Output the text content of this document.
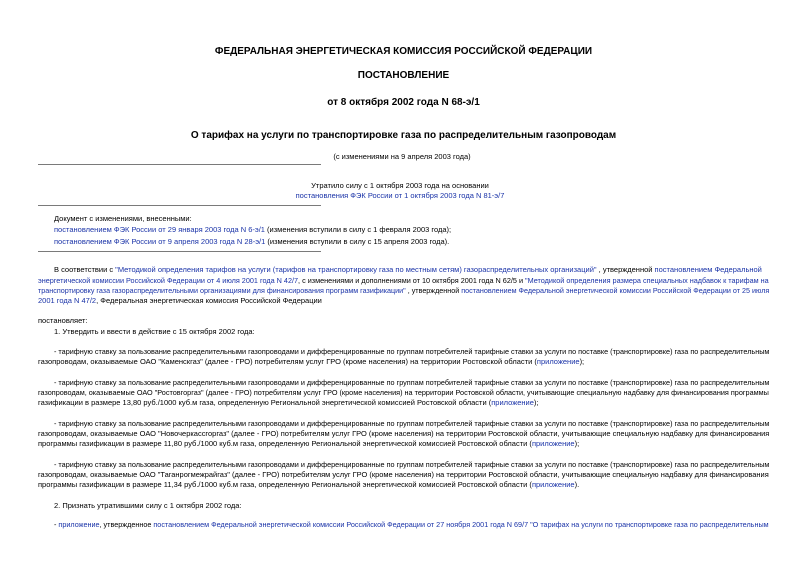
ФЕДЕРАЛЬНАЯ ЭНЕРГЕТИЧЕСКАЯ КОМИССИЯ РОССИЙСКОЙ ФЕДЕРАЦИИ
ПОСТАНОВЛЕНИЕ
от 8 октября 2002 года N 68-э/1
О тарифах на услуги по транспортировке газа по распределительным газопроводам
(с изменениями на 9 апреля 2003 года)
Утратило силу с 1 октября 2003 года на основании
постановления ФЭК России от 1 октября 2003 года N 81-э/7
Документ с изменениями, внесенными:
постановлением ФЭК России от 29 января 2003 года N 6-э/1 (изменения вступили в силу с 1 февраля 2003 года);
постановлением ФЭК России от 9 апреля 2003 года N 28-э/1 (изменения вступили в силу с 15 апреля 2003 года).
В соответствии с "Методикой определения тарифов на услуги (тарифов на транспортировку газа по местным сетям) газораспределительных организаций" , утвержденной постановлением Федеральной
энергетической комиссии Российской Федерации от 4 июля 2001 года N 42/7, с изменениями и дополнениями от 10 октября 2001 года N 62/5 и "Методикой определения размера специальных надбавок к тарифам на
транспортировку газа газораспределительными организациями для финансирования программ газификации" , утвержденной постановлением Федеральной энергетической комиссии Российской Федерации от 25 июля
2001 года N 47/2, Федеральная энергетическая комиссия Российской Федерации
постановляет:
1. Утвердить и ввести в действие с 15 октября 2002 года:
- тарифную ставку за пользование распределительными газопроводами и дифференцированные по группам потребителей тарифные ставки за услуги по поставке (транспортировке) газа по распределительным
газопроводам, оказываемые ОАО "Каменскгаз" (далее - ГРО) потребителям услуг ГРО (кроме населения) на территории Ростовской области (приложение);
- тарифную ставку за пользование распределительными газопроводами и дифференцированные по группам потребителей тарифные ставки за услуги по поставке (транспортировке) газа по распределительным
газопроводам, оказываемые ОАО "Ростовгоргаз" (далее - ГРО) потребителям услуг ГРО (кроме населения) на территории Ростовской области, учитывающие специальную надбавку для финансирования программы
газификации в размере 13,80 руб./1000 куб.м газа, определенную Региональной энергетической комиссией Ростовской области (приложение);
- тарифную ставку за пользование распределительными газопроводами и дифференцированные по группам потребителей тарифные ставки за услуги по поставке (транспортировке) газа по распределительным
газопроводам, оказываемые ОАО "Новочеркассгоргаз" (далее - ГРО) потребителям услуг ГРО (кроме населения) на территории Ростовской области, учитывающие специальную надбавку для финансирования
программы газификации в размере 11,80 руб./1000 куб.м газа, определенную Региональной энергетической комиссией Ростовской области (приложение);
- тарифную ставку за пользование распределительными газопроводами и дифференцированные по группам потребителей тарифные ставки за услуги по поставке (транспортировке) газа по распределительным
газопроводам, оказываемые ОАО "Таганрогмежрайгаз" (далее - ГРО) потребителям услуг ГРО (кроме населения) на территории Ростовской области, учитывающие специальную надбавку для финансирования
программы газификации в размере 11,34 руб./1000 куб.м газа, определенную Региональной энергетической комиссией Ростовской области (приложение).
2. Признать утратившими силу с 1 октября 2002 года:
- приложение, утвержденное постановлением Федеральной энергетической комиссии Российской Федерации от 27 ноября 2001 года N 69/7 "О тарифах на услуги по транспортировке газа по распределительным
